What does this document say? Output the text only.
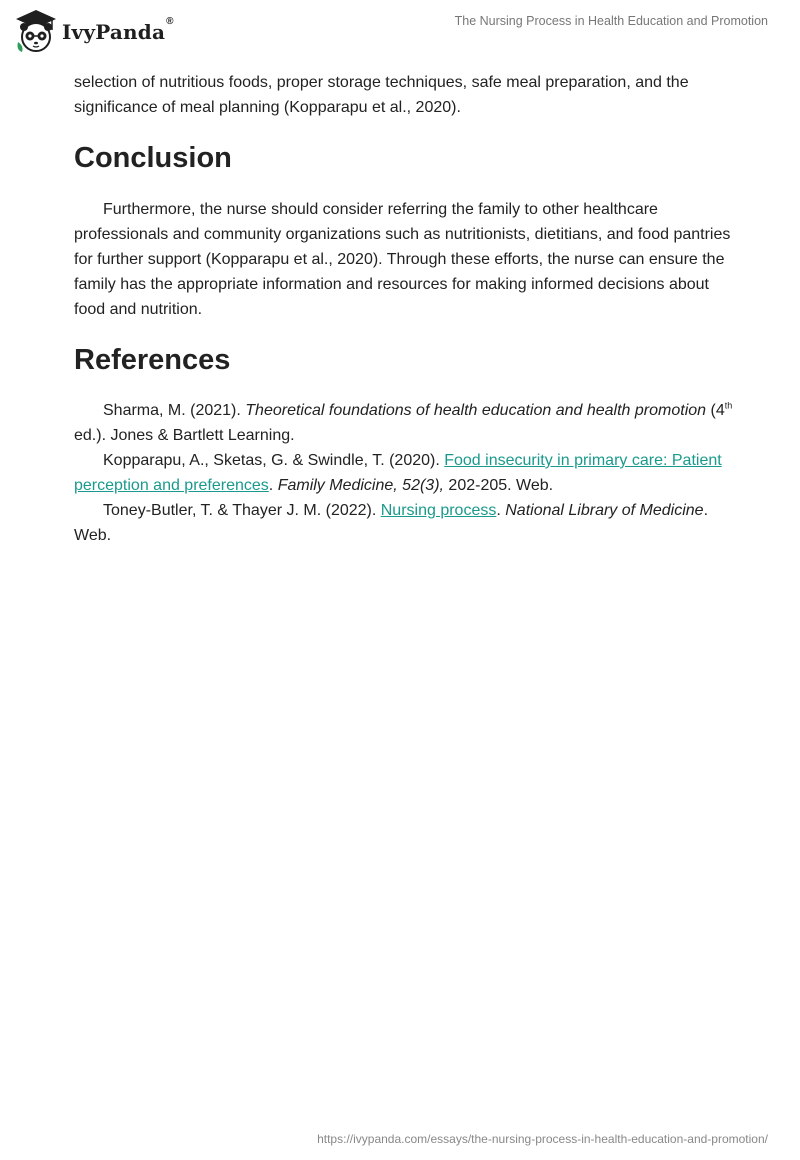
IvyPanda®	The Nursing Process in Health Education and Promotion

selection of nutritious foods, proper storage techniques, safe meal preparation, and the significance of meal planning (Kopparapu et al., 2020).

Conclusion

Furthermore, the nurse should consider referring the family to other healthcare professionals and community organizations such as nutritionists, dietitians, and food pantries for further support (Kopparapu et al., 2020). Through these efforts, the nurse can ensure the family has the appropriate information and resources for making informed decisions about food and nutrition.

References

Sharma, M. (2021). Theoretical foundations of health education and health promotion (4th ed.). Jones & Bartlett Learning.

Kopparapu, A., Sketas, G. & Swindle, T. (2020). Food insecurity in primary care: Patient perception and preferences. Family Medicine, 52(3), 202-205. Web.

Toney-Butler, T. & Thayer J. M. (2022). Nursing process. National Library of Medicine. Web.

https://ivypanda.com/essays/the-nursing-process-in-health-education-and-promotion/
